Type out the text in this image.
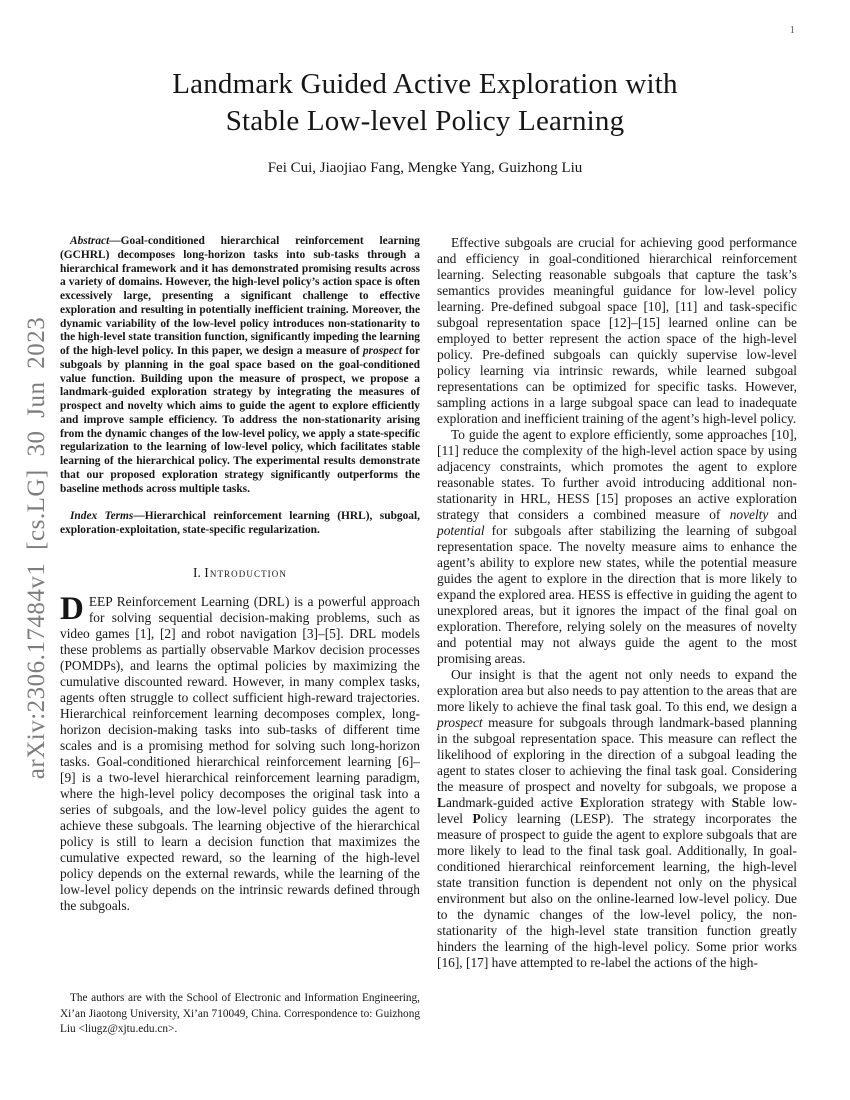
1
arXiv:2306.17484v1 [cs.LG] 30 Jun 2023
Landmark Guided Active Exploration with
Stable Low-level Policy Learning
Fei Cui, Jiaojiao Fang, Mengke Yang, Guizhong Liu

Abstract—Goal-conditioned hierarchical reinforcement learning (GCHRL) decomposes long-horizon tasks into sub-tasks through a hierarchical framework and it has demonstrated promising results across a variety of domains. However, the high-level policy’s action space is often excessively large, presenting a significant challenge to effective exploration and resulting in potentially inefficient training. Moreover, the dynamic variability of the low-level policy introduces non-stationarity to the high-level state transition function, significantly impeding the learning of the high-level policy. In this paper, we design a measure of prospect for subgoals by planning in the goal space based on the goal-conditioned value function. Building upon the measure of prospect, we propose a landmark-guided exploration strategy by integrating the measures of prospect and novelty which aims to guide the agent to explore efficiently and improve sample efficiency. To address the non-stationarity arising from the dynamic changes of the low-level policy, we apply a state-specific regularization to the learning of low-level policy, which facilitates stable learning of the hierarchical policy. The experimental results demonstrate that our proposed exploration strategy significantly outperforms the baseline methods across multiple tasks.

Index Terms—Hierarchical reinforcement learning (HRL), subgoal, exploration-exploitation, state-specific regularization.

I. Introduction

DEEP Reinforcement Learning (DRL) is a powerful approach for solving sequential decision-making problems, such as video games [1], [2] and robot navigation [3]–[5]. DRL models these problems as partially observable Markov decision processes (POMDPs), and learns the optimal policies by maximizing the cumulative discounted reward. However, in many complex tasks, agents often struggle to collect sufficient high-reward trajectories. Hierarchical reinforcement learning decomposes complex, long-horizon decision-making tasks into sub-tasks of different time scales and is a promising method for solving such long-horizon tasks. Goal-conditioned hierarchical reinforcement learning [6]–[9] is a two-level hierarchical reinforcement learning paradigm, where the high-level policy decomposes the original task into a series of subgoals, and the low-level policy guides the agent to achieve these subgoals. The learning objective of the hierarchical policy is still to learn a decision function that maximizes the cumulative expected reward, so the learning of the high-level policy depends on the external rewards, while the learning of the low-level policy depends on the intrinsic rewards defined through the subgoals.

The authors are with the School of Electronic and Information Engineering, Xi’an Jiaotong University, Xi’an 710049, China. Correspondence to: Guizhong Liu <liugz@xjtu.edu.cn>.

Effective subgoals are crucial for achieving good performance and efficiency in goal-conditioned hierarchical reinforcement learning. Selecting reasonable subgoals that capture the task’s semantics provides meaningful guidance for low-level policy learning. Pre-defined subgoal space [10], [11] and task-specific subgoal representation space [12]–[15] learned online can be employed to better represent the action space of the high-level policy. Pre-defined subgoals can quickly supervise low-level policy learning via intrinsic rewards, while learned subgoal representations can be optimized for specific tasks. However, sampling actions in a large subgoal space can lead to inadequate exploration and inefficient training of the agent’s high-level policy.

To guide the agent to explore efficiently, some approaches [10], [11] reduce the complexity of the high-level action space by using adjacency constraints, which promotes the agent to explore reasonable states. To further avoid introducing additional non-stationarity in HRL, HESS [15] proposes an active exploration strategy that considers a combined measure of novelty and potential for subgoals after stabilizing the learning of subgoal representation space. The novelty measure aims to enhance the agent’s ability to explore new states, while the potential measure guides the agent to explore in the direction that is more likely to expand the explored area. HESS is effective in guiding the agent to unexplored areas, but it ignores the impact of the final goal on exploration. Therefore, relying solely on the measures of novelty and potential may not always guide the agent to the most promising areas.

Our insight is that the agent not only needs to expand the exploration area but also needs to pay attention to the areas that are more likely to achieve the final task goal. To this end, we design a prospect measure for subgoals through landmark-based planning in the subgoal representation space. This measure can reflect the likelihood of exploring in the direction of a subgoal leading the agent to states closer to achieving the final task goal. Considering the measure of prospect and novelty for subgoals, we propose a Landmark-guided active Exploration strategy with Stable low-level Policy learning (LESP). The strategy incorporates the measure of prospect to guide the agent to explore subgoals that are more likely to lead to the final task goal. Additionally, In goal-conditioned hierarchical reinforcement learning, the high-level state transition function is dependent not only on the physical environment but also on the online-learned low-level policy. Due to the dynamic changes of the low-level policy, the non-stationarity of the high-level state transition function greatly hinders the learning of the high-level policy. Some prior works [16], [17] have attempted to re-label the actions of the high-
